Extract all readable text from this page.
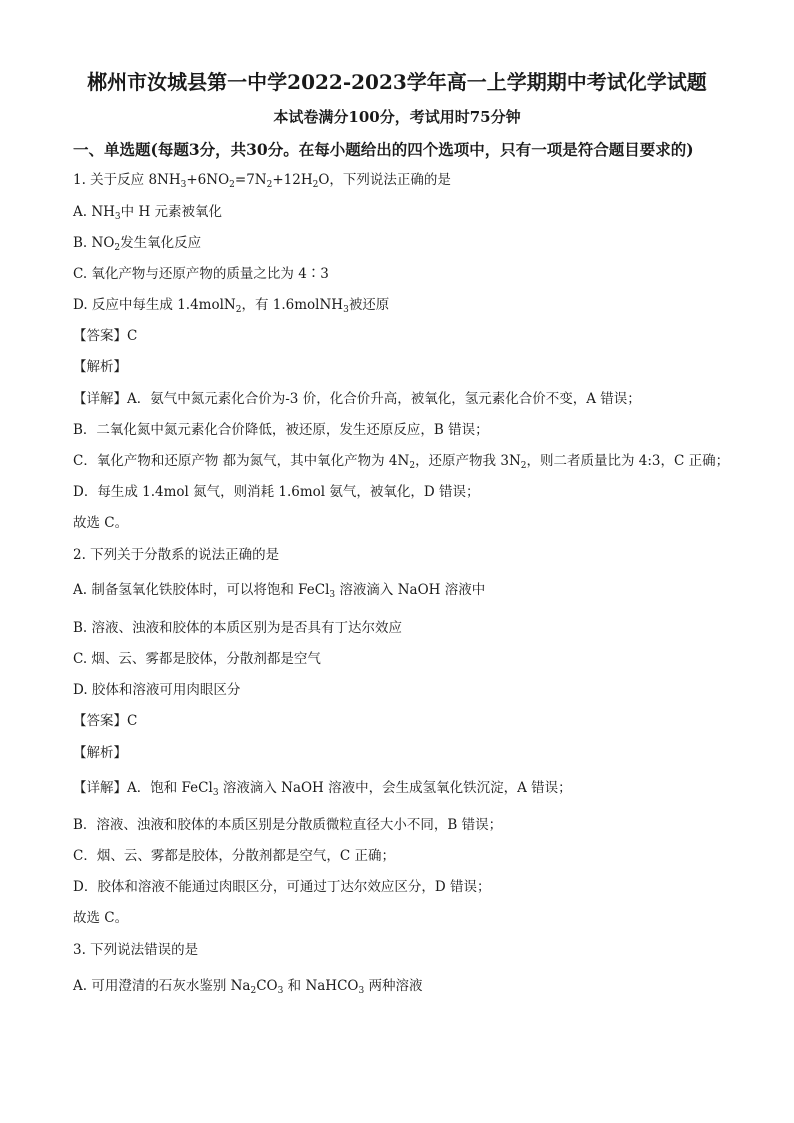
郴州市汝城县第一中学2022-2023学年高一上学期期中考试化学试题
本试卷满分100分，考试用时75分钟
一、单选题(每题3分，共30分。在每小题给出的四个选项中，只有一项是符合题目要求的)
1. 关于反应 $8NH_3+6NO_2=7N_2+12H_2O$，下列说法正确的是
A. $NH_3$中 H 元素被氧化
B. $NO_2$发生氧化反应
C. 氧化产物与还原产物的质量之比为 4∶3
D. 反应中每生成 1.4molN$_2$，有 1.6molNH$_3$被还原
【答案】C
【解析】
【详解】A．氨气中氮元素化合价为-3 价，化合价升高，被氧化，氢元素化合价不变，A 错误；
B．二氧化氮中氮元素化合价降低，被还原，发生还原反应，B 错误；
C．氧化产物和还原产物 都为氮气，其中氧化产物为 $4N_2$，还原产物我 $3N_2$，则二者质量比为 4:3，C 正确；
D．每生成 1.4mol 氮气，则消耗 1.6mol 氨气，被氧化，D 错误；
故选 C。
2. 下列关于分散系的说法正确的是
A. 制备氢氧化铁胶体时，可以将饱和 FeCl$_3$ 溶液滴入 NaOH 溶液中
B. 溶液、浊液和胶体的本质区别为是否具有丁达尔效应
C. 烟、云、雾都是胶体，分散剂都是空气
D. 胶体和溶液可用肉眼区分
【答案】C
【解析】
【详解】A．饱和 FeCl$_3$ 溶液滴入 NaOH 溶液中，会生成氢氧化铁沉淀，A 错误；
B．溶液、浊液和胶体的本质区别是分散质微粒直径大小不同，B 错误；
C．烟、云、雾都是胶体，分散剂都是空气，C 正确；
D．胶体和溶液不能通过肉眼区分，可通过丁达尔效应区分，D 错误；
故选 C。
3. 下列说法错误的是
A. 可用澄清的石灰水鉴别 $Na_2CO_3$ 和 NaHCO$_3$ 两种溶液
